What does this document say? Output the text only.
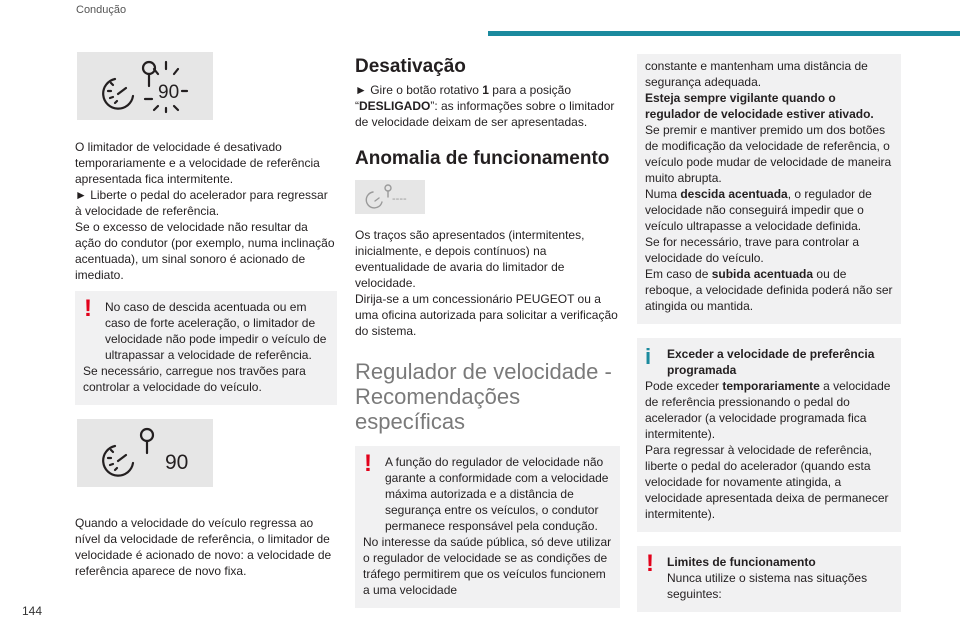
Condução
90

O limitador de velocidade é desativado temporariamente e a velocidade de referência apresentada fica intermitente.

► Liberte o pedal do acelerador para regressar à velocidade de referência.

Se o excesso de velocidade não resultar da ação do condutor (por exemplo, numa inclinação acentuada), um sinal sonoro é acionado de imediato.

!	No caso de descida acentuada ou em caso de forte aceleração, o limitador de velocidade não pode impedir o veículo de ultrapassar a velocidade de referência.

Se necessário, carregue nos travões para controlar a velocidade do veículo.

90

Quando a velocidade do veículo regressa ao nível da velocidade de referência, o limitador de velocidade é acionado de novo: a velocidade de referência aparece de novo fixa.

Desativação

► Gire o botão rotativo 1 para a posição “DESLIGADO”: as informações sobre o limitador de velocidade deixam de ser apresentadas.

Anomalia de funcionamento
----

Os traços são apresentados (intermitentes, inicialmente, e depois contínuos) na eventualidade de avaria do limitador de velocidade.

Dirija-se a um concessionário PEUGEOT ou a uma oficina autorizada para solicitar a verificação do sistema.

Regulador de velocidade - Recomendações específicas

!	A função do regulador de velocidade não garante a conformidade com a velocidade máxima autorizada e a distância de segurança entre os veículos, o condutor permanece responsável pela condução.

No interesse da saúde pública, só deve utilizar o regulador de velocidade se as condições de tráfego permitirem que os veículos funcionem a uma velocidade

constante e mantenham uma distância de segurança adequada.

Esteja sempre vigilante quando o regulador de velocidade estiver ativado.

Se premir e mantiver premido um dos botões de modificação da velocidade de referência, o veículo pode mudar de velocidade de maneira muito abrupta.

Numa descida acentuada, o regulador de velocidade não conseguirá impedir que o veículo ultrapasse a velocidade definida.

Se for necessário, trave para controlar a velocidade do veículo.

Em caso de subida acentuada ou de reboque, a velocidade definida poderá não ser atingida ou mantida.

i	Exceder a velocidade de preferência programada

Pode exceder temporariamente a velocidade de referência pressionando o pedal do acelerador (a velocidade programada fica intermitente).

Para regressar à velocidade de referência, liberte o pedal do acelerador (quando esta velocidade for novamente atingida, a velocidade apresentada deixa de permanecer intermitente).

!	Limites de funcionamento

Nunca utilize o sistema nas situações seguintes:

144
